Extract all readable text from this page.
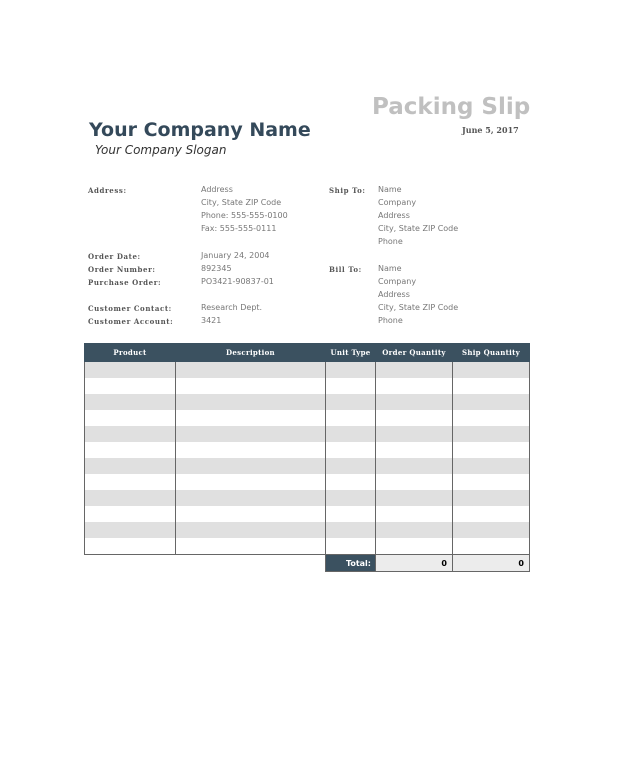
Packing Slip
June 5, 2017
Your Company Name
Your Company Slogan
Address:	Address
City, State ZIP Code
Phone: 555-555-0100
Fax: 555-555-0111
Order Date:	January 24, 2004
Order Number:	892345
Purchase Order:	PO3421-90837-01
Customer Contact:	Research Dept.
Customer Account:	3421
Ship To: Name
Company
Address
City, State ZIP Code
Phone
Bill To: Name
Company
Address
City, State ZIP Code
Phone
Product	Description	Unit Type	Order Quantity	Ship Quantity

		Total:	0	0
